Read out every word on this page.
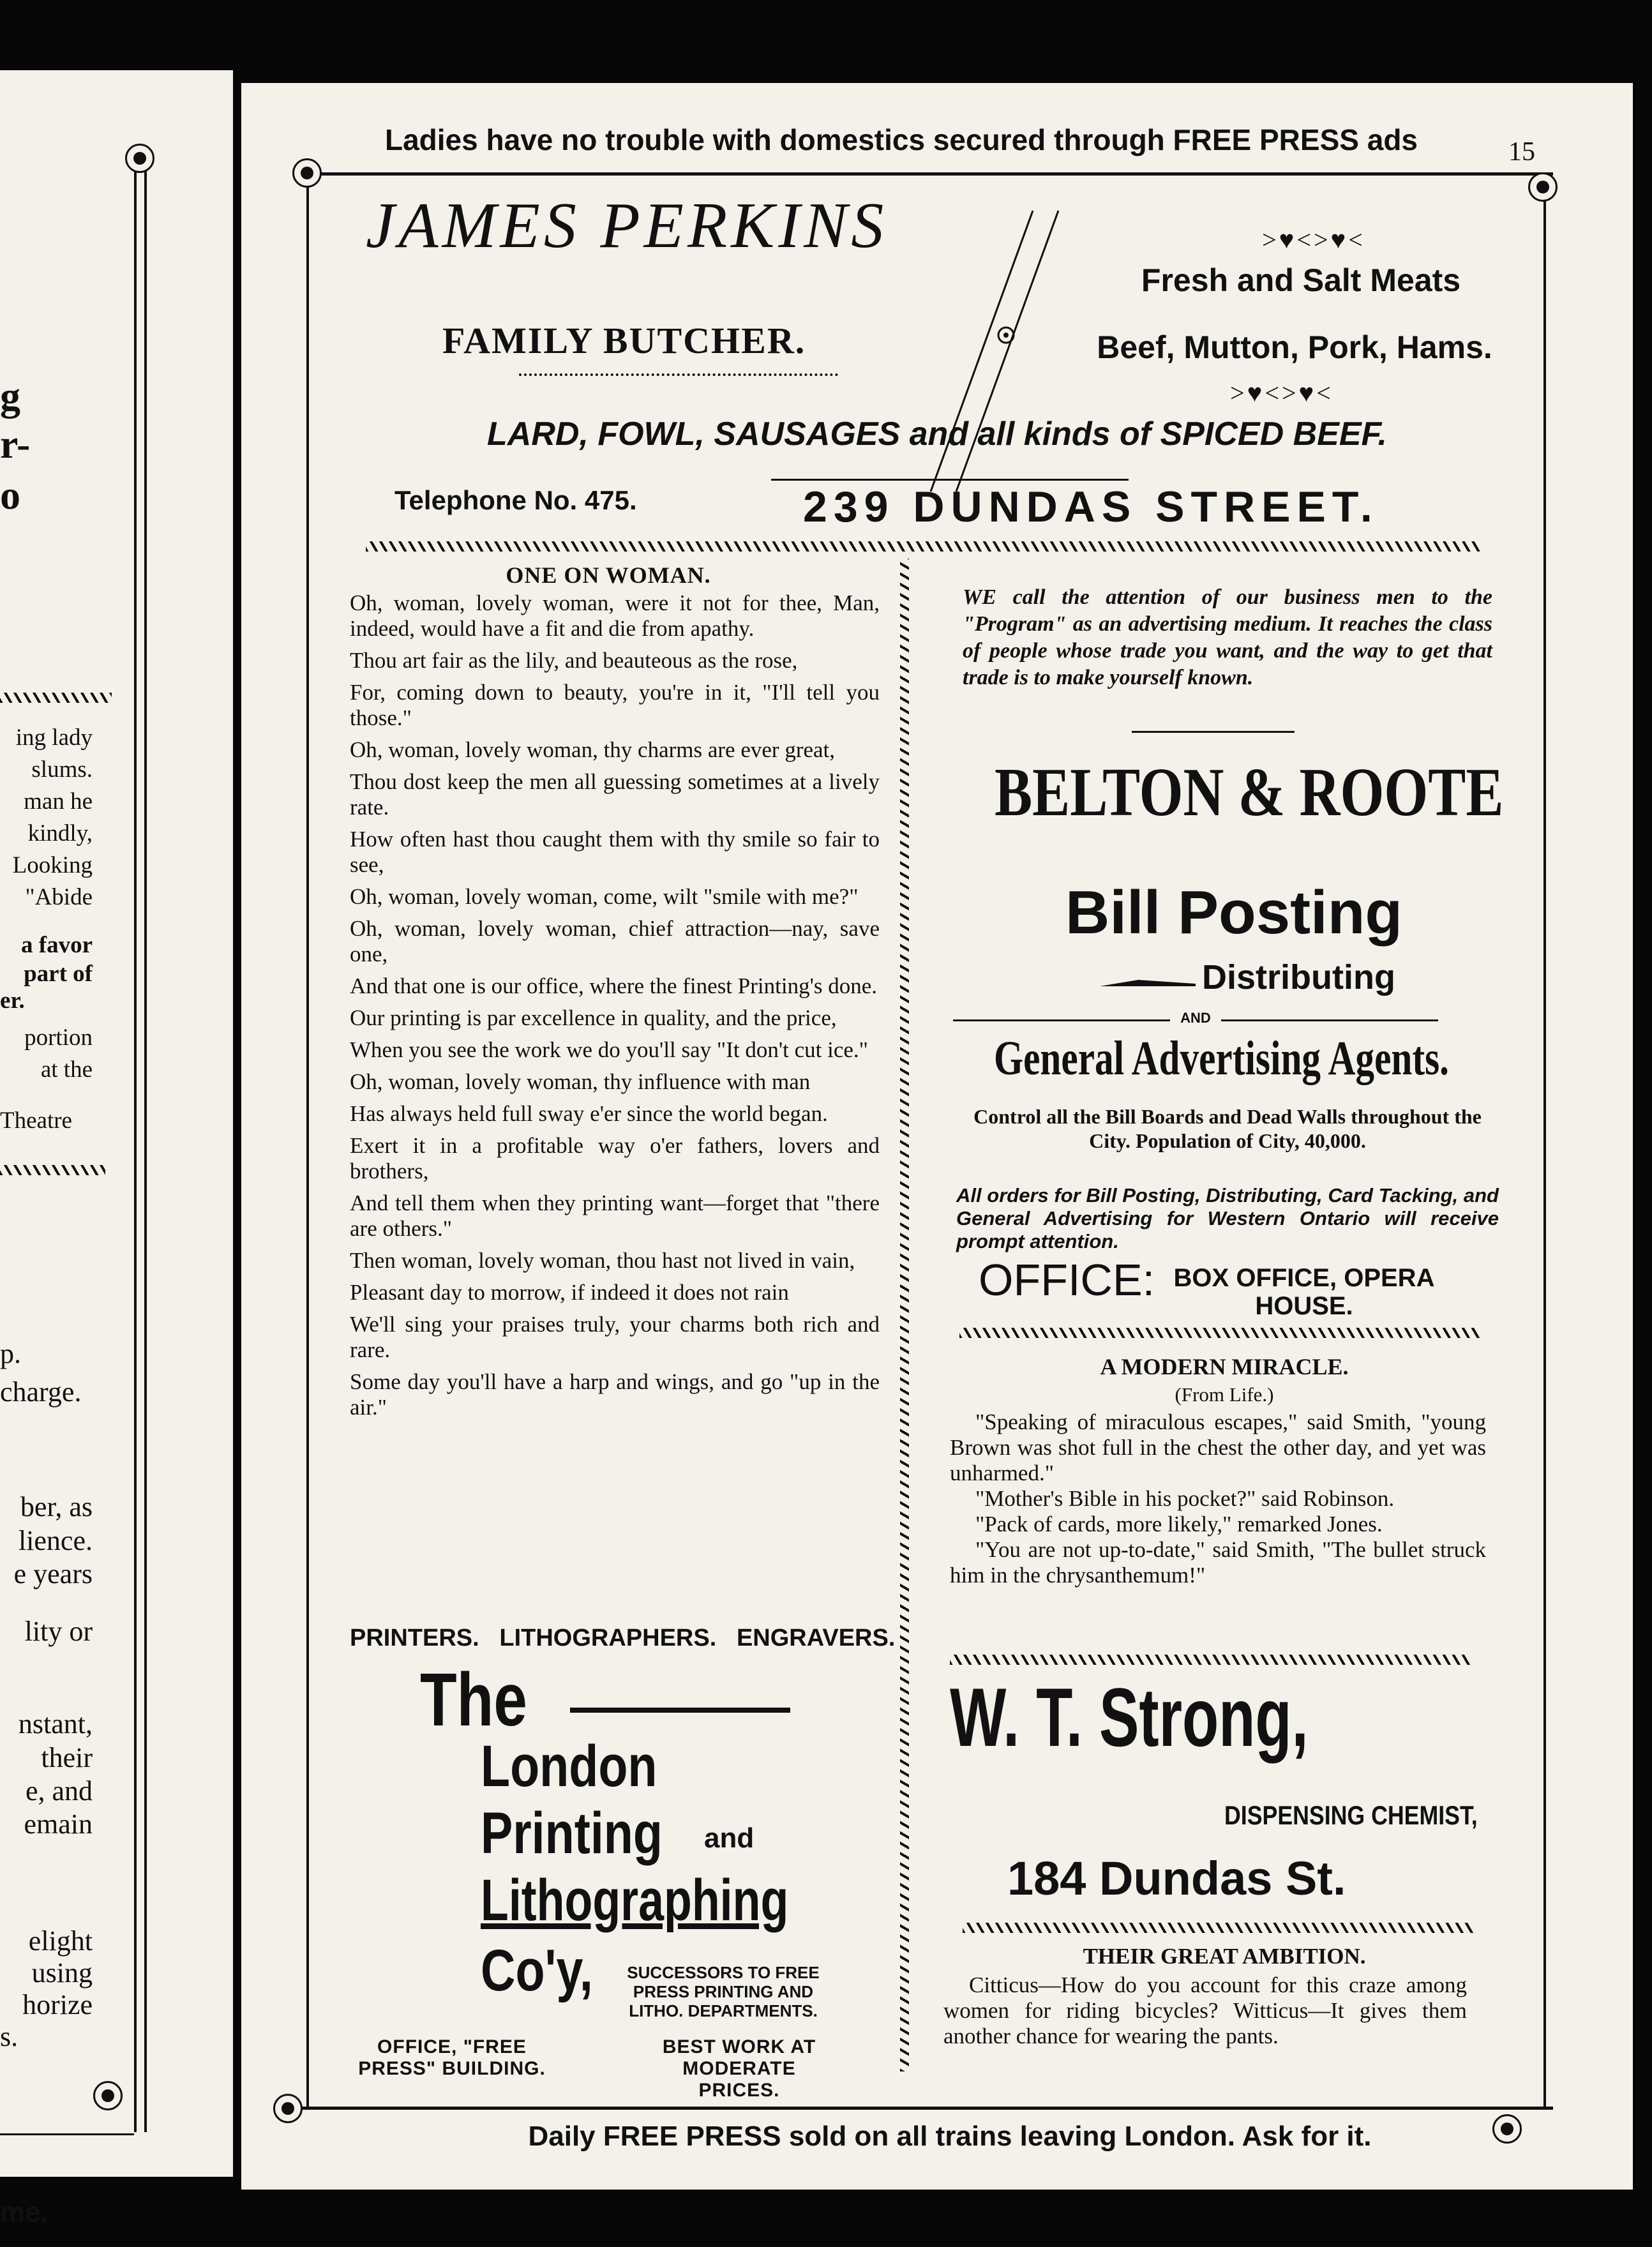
g
r-
o
ing lady
slums.
man he
kindly,
Looking
"Abide
a favor
part of
er.
portion
at the
Theatre
p.
charge.
ber, as
lience.
e years
lity or
nstant,
their
e, and
emain
elight
using
horize
s.
me.
Ladies have no trouble with domestics secured through FREE PRESS ads	15
JAMES PERKINS
FAMILY BUTCHER.
>♥<>♥<
Fresh and Salt Meats
Beef, Mutton, Pork, Hams.
>♥<>♥<
LARD, FOWL, SAUSAGES and all kinds of SPICED BEEF.
Telephone No. 475.	239 DUNDAS STREET.
ONE ON WOMAN.

Oh, woman, lovely woman, were it not for thee, Man, indeed, would have a fit and die from apathy.

Thou art fair as the lily, and beauteous as the rose,

For, coming down to beauty, you're in it, "I'll tell you those."

Oh, woman, lovely woman, thy charms are ever great,

Thou dost keep the men all guessing sometimes at a lively rate.

How often hast thou caught them with thy smile so fair to see,

Oh, woman, lovely woman, come, wilt "smile with me?"

Oh, woman, lovely woman, chief attraction—nay, save one,

And that one is our office, where the finest Printing's done.

Our printing is par excellence in quality, and the price,

When you see the work we do you'll say "It don't cut ice."

Oh, woman, lovely woman, thy influence with man

Has always held full sway e'er since the world began.

Exert it in a profitable way o'er fathers, lovers and brothers,

And tell them when they printing want—forget that "there are others."

Then woman, lovely woman, thou hast not lived in vain,

Pleasant day to morrow, if indeed it does not rain

We'll sing your praises truly, your charms both rich and rare.

Some day you'll have a harp and wings, and go "up in the air."

PRINTERS.   LITHOGRAPHERS.   ENGRAVERS.
The
London
Printing and
Lithographing
Co'y,	SUCCESSORS TO FREE PRESS PRINTING AND LITHO. DEPARTMENTS.
OFFICE, "FREE PRESS" BUILDING.
BEST WORK AT MODERATE PRICES.
WE call the attention of our business men to the "Program" as an advertising medium. It reaches the class of people whose trade you want, and the way to get that trade is to make yourself known.
BELTON & ROOTE
Bill Posting
Distributing
AND
General Advertising Agents.
Control all the Bill Boards and Dead Walls throughout the City. Population of City, 40,000.
All orders for Bill Posting, Distributing, Card Tacking, and General Advertising for Western Ontario will receive prompt attention.
OFFICE: BOX OFFICE, OPERA HOUSE.
A MODERN MIRACLE.
(From Life.)
"Speaking of miraculous escapes," said Smith, "young Brown was shot full in the chest the other day, and yet was unharmed."
"Mother's Bible in his pocket?" said Robinson.
"Pack of cards, more likely," remarked Jones.
"You are not up-to-date," said Smith, "The bullet struck him in the chrysanthemum!"
W. T. Strong,
DISPENSING CHEMIST,
184 Dundas St.
THEIR GREAT AMBITION.
Citticus—How do you account for this craze among women for riding bicycles? Witticus—It gives them another chance for wearing the pants.
Daily FREE PRESS sold on all trains leaving London. Ask for it.
